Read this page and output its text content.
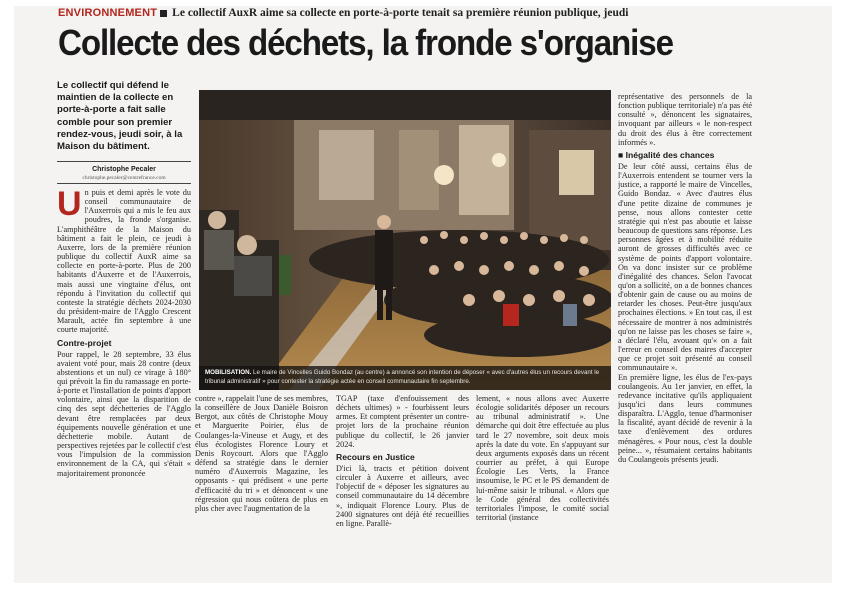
ENVIRONNEMENT Le collectif AuxR aime sa collecte en porte-à-porte tenait sa première réunion publique, jeudi
Collecte des déchets, la fronde s'organise
Le collectif qui défend le maintien de la collecte en porte-à-porte a fait salle comble pour son premier rendez-vous, jeudi soir, à la Maison du bâtiment.
Christophe Pecaler
christophe.pecaler@centrefrance.com
U n puis et demi après le vote du conseil communautaire de l'Auxerrois qui a mis le feu aux poudres, la fronde s'organise. L'amphithéâtre de la Maison du bâtiment a fait le plein, ce jeudi à Auxerre, lors de la première réunion publique du collectif AuxR aime sa collecte en porte-à-porte. Plus de 200 habitants d'Auxerre et de l'Auxerrois, mais aussi une vingtaine d'élus, ont répondu à l'invitation du collectif qui conteste la stratégie déchets 2024-2030 du président-maire de l'Agglo Crescent Marault, actée fin septembre à une courte majorité.

Contre-projet

Pour rappel, le 28 septembre, 33 élus avaient voté pour, mais 28 contre (deux abstentions et un nul) ce virage à 180° qui prévoit la fin du ramassage en porte-à-porte et l'installation de points d'apport volontaire, ainsi que la disparition de cinq des sept déchetteries de l'Agglo devant être remplacées par deux équipements nouvelle génération et une déchetterie mobile. Autant de perspectives rejetées par le collectif c'est vous l'impulsion de la commission environnement de la CA, qui s'était « majoritairement prononcée

MOBILISATION. Le maire de Vincelles Guido Bondaz (au centre) a annoncé son intention de déposer « avec d'autres élus un recours devant le tribunal administratif » pour contester la stratégie actée en conseil communautaire fin septembre.

contre », rappelait l'une de ses membres, la conseillère de Joux Danièle Boisron Bergot, aux côtés de Christophe Mouy et Marguerite Poirier, élus de Coulanges-la-Vineuse et Augy, et des élus écologistes Florence Loury et Denis Roycourt. Alors que l'Agglo défend sa stratégie dans le dernier numéro d'Auxerrois Magazine, les opposants - qui prédisent « une perte d'efficacité du tri » et dénoncent « une régression qui nous coûtera de plus en plus cher avec l'augmentation de la

TGAP (taxe d'enfouissement des déchets ultimes) » - fourbissent leurs armes. Et comptent présenter un contre-projet lors de la prochaine réunion publique du collectif, le 26 janvier 2024.

Recours en Justice

D'ici là, tracts et pétition doivent circuler à Auxerre et ailleurs, avec l'objectif de « déposer les signatures au conseil communautaire du 14 décembre », indiquait Florence Loury. Plus de 2400 signatures ont déjà été recueillies en ligne. Parallè-

lement, « nous allons avec Auxerre écologie solidarités déposer un recours au tribunal administratif ». Une démarche qui doit être effectuée au plus tard le 27 novembre, soit deux mois après la date du vote. En s'appuyant sur deux arguments exposés dans un récent courrier au préfet, à qui Europe Écologie Les Verts, la France insoumise, le PC et le PS demandent de lui-même saisir le tribunal. « Alors que le Code général des collectivités territoriales l'impose, le comité social territorial (instance

représentative des personnels de la fonction publique territoriale) n'a pas été consulté », dénoncent les signataires, invoquant par ailleurs « le non-respect du droit des élus à être correctement informés ».

■ Inégalité des chances

De leur côté aussi, certains élus de l'Auxerrois entendent se tourner vers la justice, a rapporté le maire de Vincelles, Guido Bondaz. « Avec d'autres élus d'une petite dizaine de communes je pense, nous allons contester cette stratégie qui n'est pas aboutie et laisse beaucoup de questions sans réponse. Les personnes âgées et à mobilité réduite auront de grosses difficultés avec ce système de points d'apport volontaire. On va donc insister sur ce problème d'inégalité des chances. Selon l'avocat qu'on a sollicité, on a de bonnes chances d'obtenir gain de cause ou au moins de retarder les choses. Peut-être jusqu'aux prochaines élections. » En tout cas, il est nécessaire de montrer à nos administrés qu'on ne laisse pas les choses se faire », a déclaré l'élu, avouant qu'« on a fait l'erreur en conseil des maires d'accepter que ce projet soit présenté au conseil communautaire ».
En première ligne, les élus de l'ex-pays coulangeois. Au 1er janvier, en effet, la redevance incitative qu'ils appliquaient jusqu'ici dans leurs communes disparaîtra. L'Agglo, tenue d'harmoniser la fiscalité, ayant décidé de revenir à la taxe d'enlèvement des ordures ménagères. « Pour nous, c'est la double peine... », résumaient certains habitants du Coulangeois présents jeudi.
